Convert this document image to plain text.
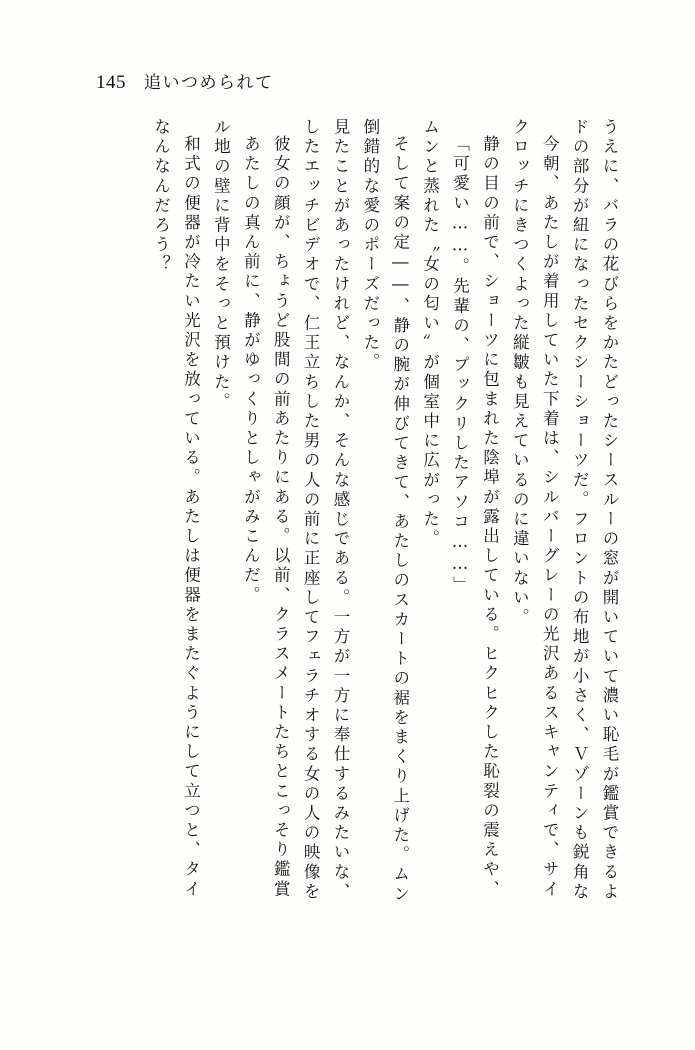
145 追いつめられて
なんなんだろう？ 和式の便器が冷たい光沢を放っている。あたしは便器をまたぐようにして立つと、タイ ル地の壁に背中をそっと預けた。 あたしの真ん前に、静がゆっくりとしゃがみこんだ。 彼女の顔が、ちょうど股間の前あたりにある。以前、クラスメートたちとこっそり鑑賞 したエッチビデオで、仁王立ちした男の人の前に正座してフェラチオする女の人の映像を 見たことがあったけれど、なんか、そんな感じである。一方が一方に奉仕するみたいな、 倒錯的な愛のポーズだった。 そして案の定――、静の腕が伸びてきて、あたしのスカートの裾をまくり上げた。ムン ムンと蒸れた〝女の匂い〟が個室中に広がった。 「可愛い……。先輩の、プックリしたアソコ……」 静の目の前で、ショーツに包まれた陰埠が露出している。ヒクヒクした恥裂の震えや、 クロッチにきつくよった縦皺も見えているのに違いない。 今朝、あたしが着用していた下着は、シルバーグレーの光沢あるスキャンティで、サイ ドの部分が紐になったセクシーショーツだ。フロントの布地が小さく、Ｖゾーンも鋭角な うえに、バラの花びらをかたどったシースルーの窓が開いていて濃い恥毛が鑑賞できるよ
